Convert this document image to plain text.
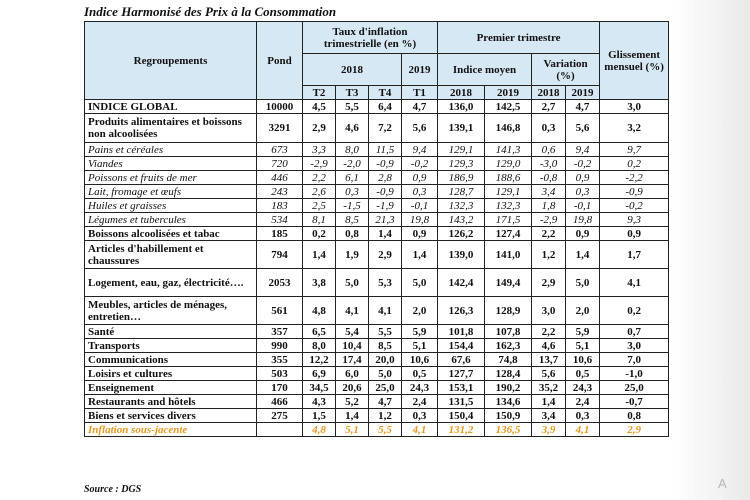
Indice Harmonisé des Prix à la Consommation
Regroupements	Pond	Taux d'inflation trimestrielle (en %)				Premier trimestre				Glissement mensuel (%)
		2018			2019	Indice moyen		Variation (%)		
		T2	T3	T4	T1	2018	2019	2018	2019	
INDICE GLOBAL	10000	4,5	5,5	6,4	4,7	136,0	142,5	2,7	4,7	3,0
Produits alimentaires et boissons non alcoolisées	3291	2,9	4,6	7,2	5,6	139,1	146,8	0,3	5,6	3,2
Pains et céréales	673	3,3	8,0	11,5	9,4	129,1	141,3	0,6	9,4	9,7
Viandes	720	-2,9	-2,0	-0,9	-0,2	129,3	129,0	-3,0	-0,2	0,2
Poissons et fruits de mer	446	2,2	6,1	2,8	0,9	186,9	188,6	-0,8	0,9	-2,2
Lait, fromage et œufs	243	2,6	0,3	-0,9	0,3	128,7	129,1	3,4	0,3	-0,9
Huiles et graisses	183	2,5	-1,5	-1,9	-0,1	132,3	132,3	1,8	-0,1	-0,2
Légumes et tubercules	534	8,1	8,5	21,3	19,8	143,2	171,5	-2,9	19,8	9,3
Boissons alcoolisées et tabac	185	0,2	0,8	1,4	0,9	126,2	127,4	2,2	0,9	0,9
Articles d'habillement et chaussures	794	1,4	1,9	2,9	1,4	139,0	141,0	1,2	1,4	1,7
Logement, eau, gaz, électricité….	2053	3,8	5,0	5,3	5,0	142,4	149,4	2,9	5,0	4,1
Meubles, articles de ménages, entretien…	561	4,8	4,1	4,1	2,0	126,3	128,9	3,0	2,0	0,2
Santé	357	6,5	5,4	5,5	5,9	101,8	107,8	2,2	5,9	0,7
Transports	990	8,0	10,4	8,5	5,1	154,4	162,3	4,6	5,1	3,0
Communications	355	12,2	17,4	20,0	10,6	67,6	74,8	13,7	10,6	7,0
Loisirs et cultures	503	6,9	6,0	5,0	0,5	127,7	128,4	5,6	0,5	-1,0
Enseignement	170	34,5	20,6	25,0	24,3	153,1	190,2	35,2	24,3	25,0
Restaurants and hôtels	466	4,3	5,2	4,7	2,4	131,5	134,6	1,4	2,4	-0,7
Biens et services divers	275	1,5	1,4	1,2	0,3	150,4	150,9	3,4	0,3	0,8
Inflation sous-jacente		4,8	5,1	5,5	4,1	131,2	136,5	3,9	4,1	2,9
Source : DGS	A
